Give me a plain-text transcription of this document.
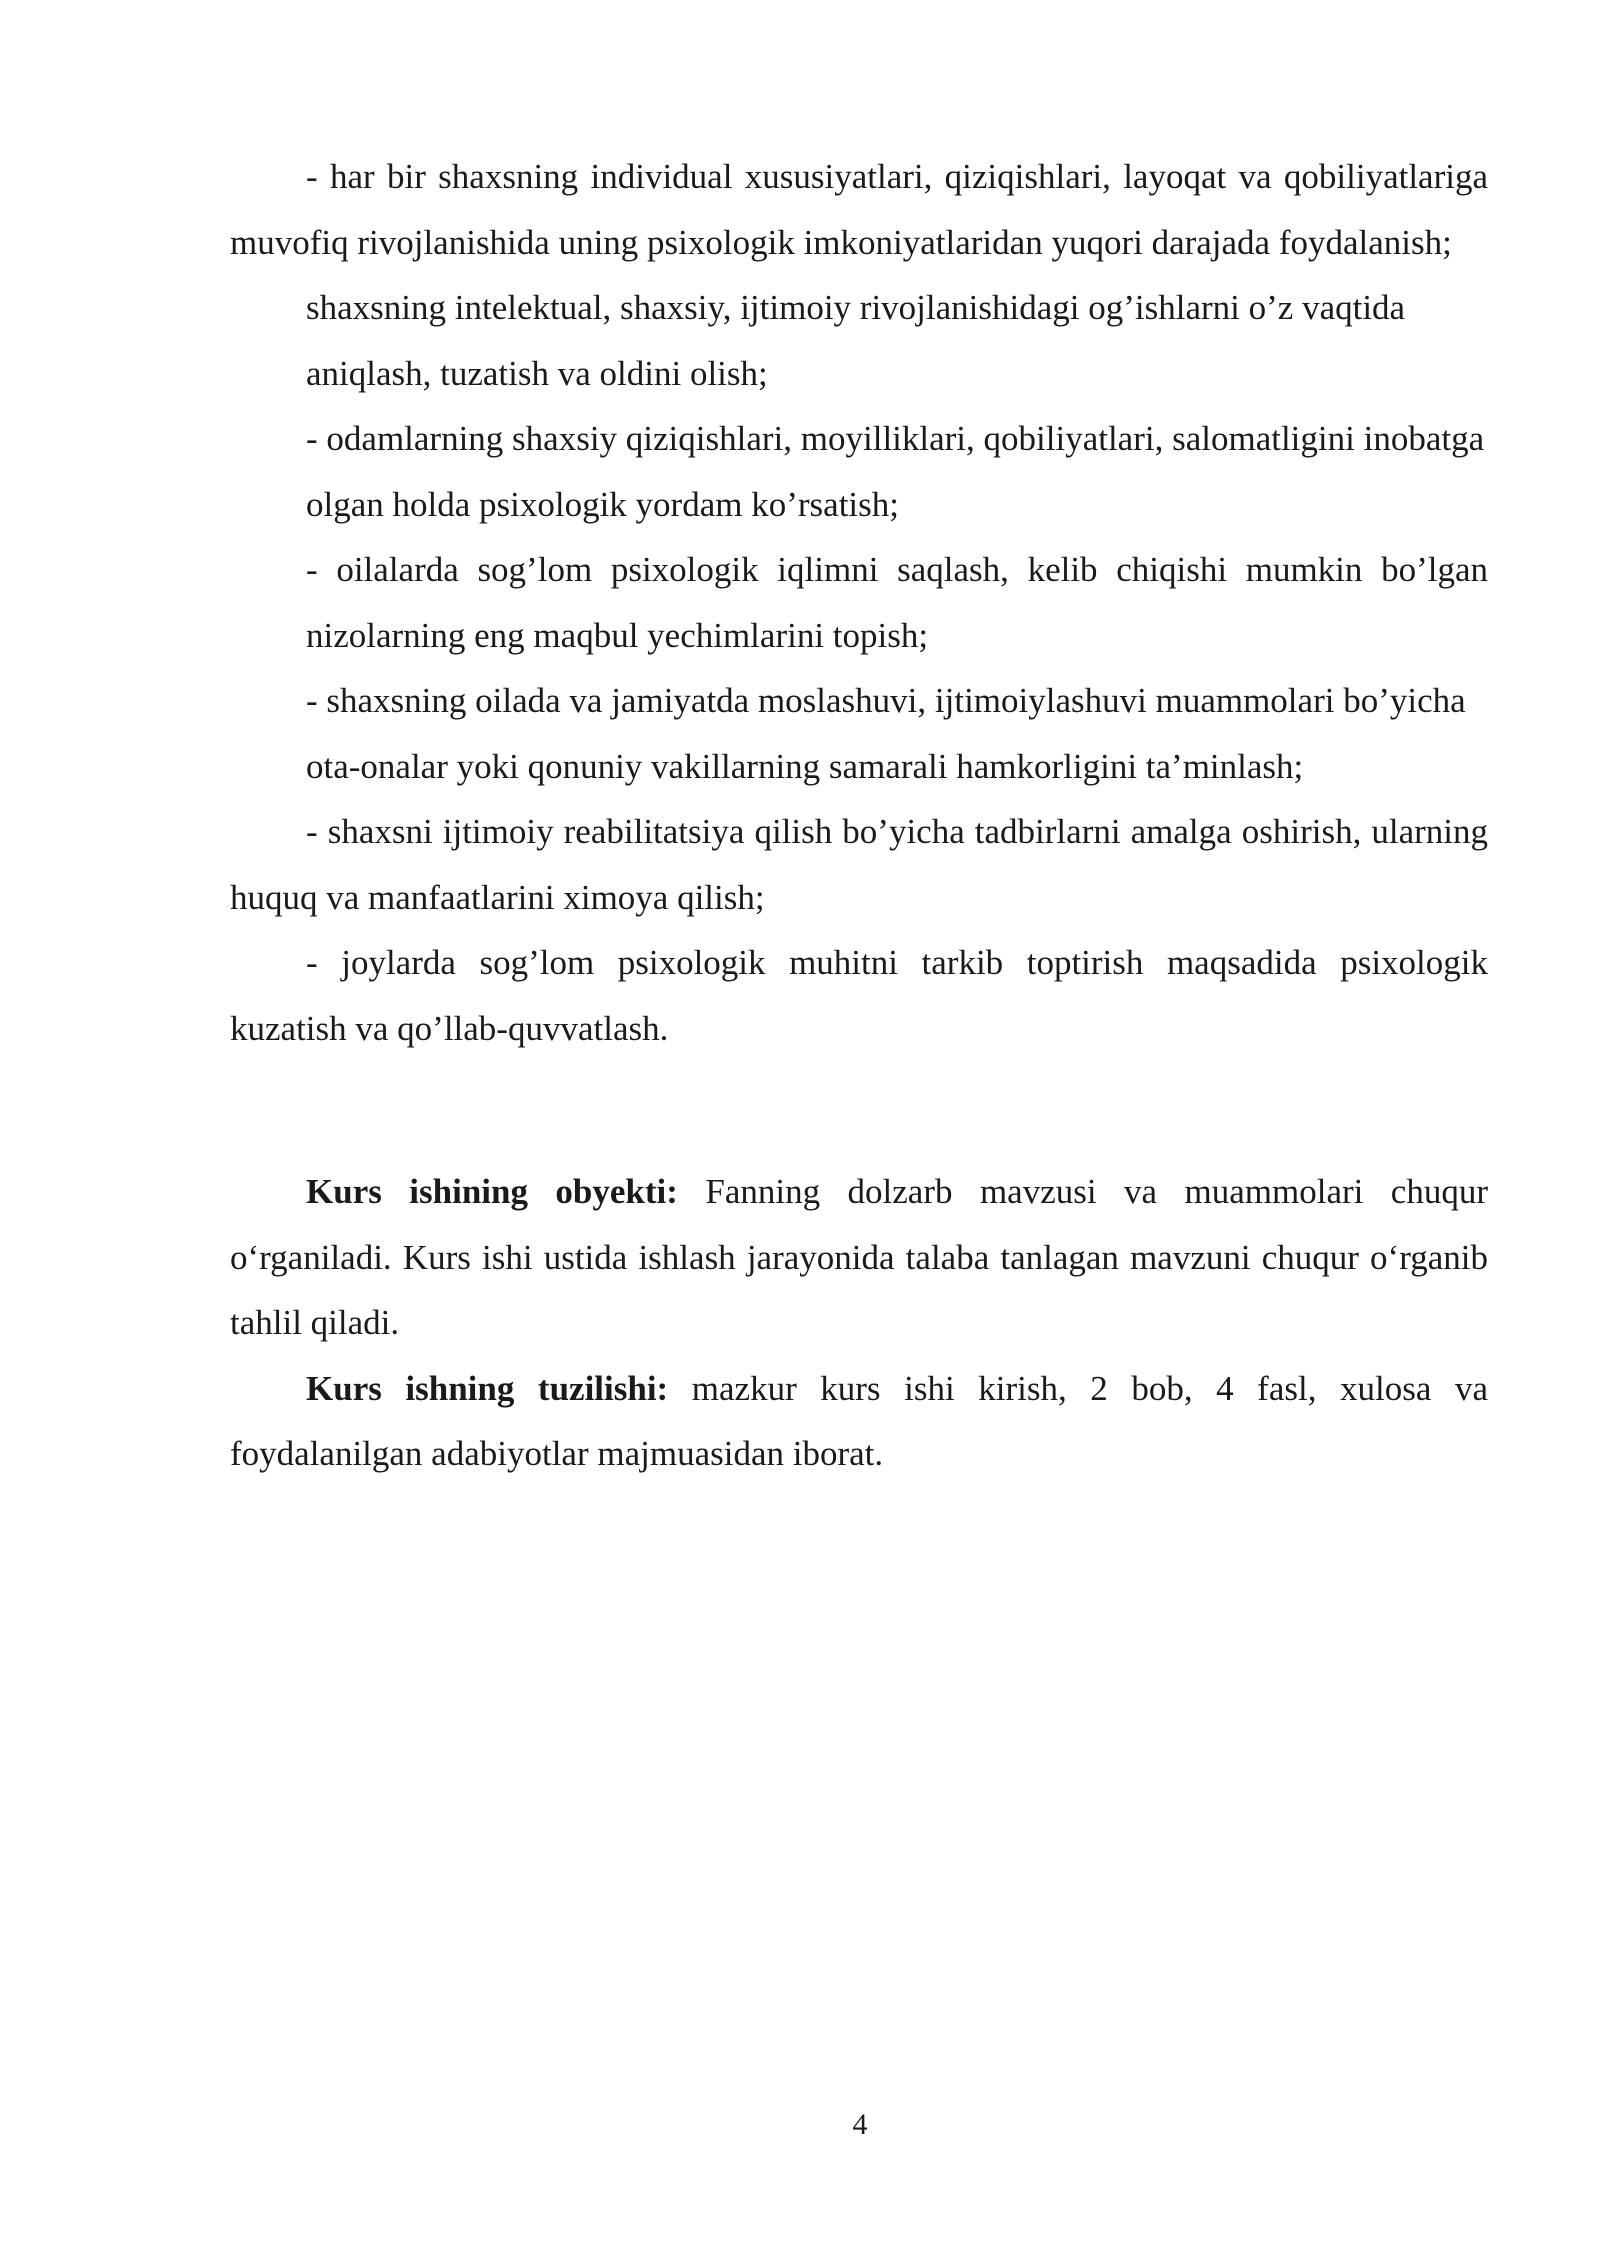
- har bir shaxsning individual xususiyatlari, qiziqishlari, layoqat va qobiliyatlariga muvofiq rivojlanishida uning psixologik imkoniyatlaridan yuqori darajada foydalanish;

shaxsning intelektual, shaxsiy, ijtimoiy rivojlanishidagi og’ishlarni o’z vaqtida aniqlash, tuzatish va oldini olish;

- odamlarning shaxsiy qiziqishlari, moyilliklari, qobiliyatlari, salomatligini inobatga olgan holda psixologik yordam ko’rsatish;

- oilalarda sog’lom psixologik iqlimni saqlash, kelib chiqishi mumkin bo’lgan nizolarning eng maqbul yechimlarini topish;

- shaxsning oilada va jamiyatda moslashuvi, ijtimoiylashuvi muammolari bo’yicha ota-onalar yoki qonuniy vakillarning samarali hamkorligini ta’minlash;

- shaxsni ijtimoiy reabilitatsiya qilish bo’yicha tadbirlarni amalga oshirish, ularning huquq va manfaatlarini ximoya qilish;

- joylarda sog’lom psixologik muhitni tarkib toptirish maqsadida psixologik kuzatish va qo’llab-quvvatlash.

Kurs ishining obyekti: Fanning dolzarb mavzusi va muammolari chuqur o‘rganiladi. Kurs ishi ustida ishlash jarayonida talaba tanlagan mavzuni chuqur o‘rganib tahlil qiladi.

Kurs ishning tuzilishi: mazkur kurs ishi kirish, 2 bob, 4 fasl, xulosa va foydalanilgan adabiyotlar majmuasidan iborat.

4
